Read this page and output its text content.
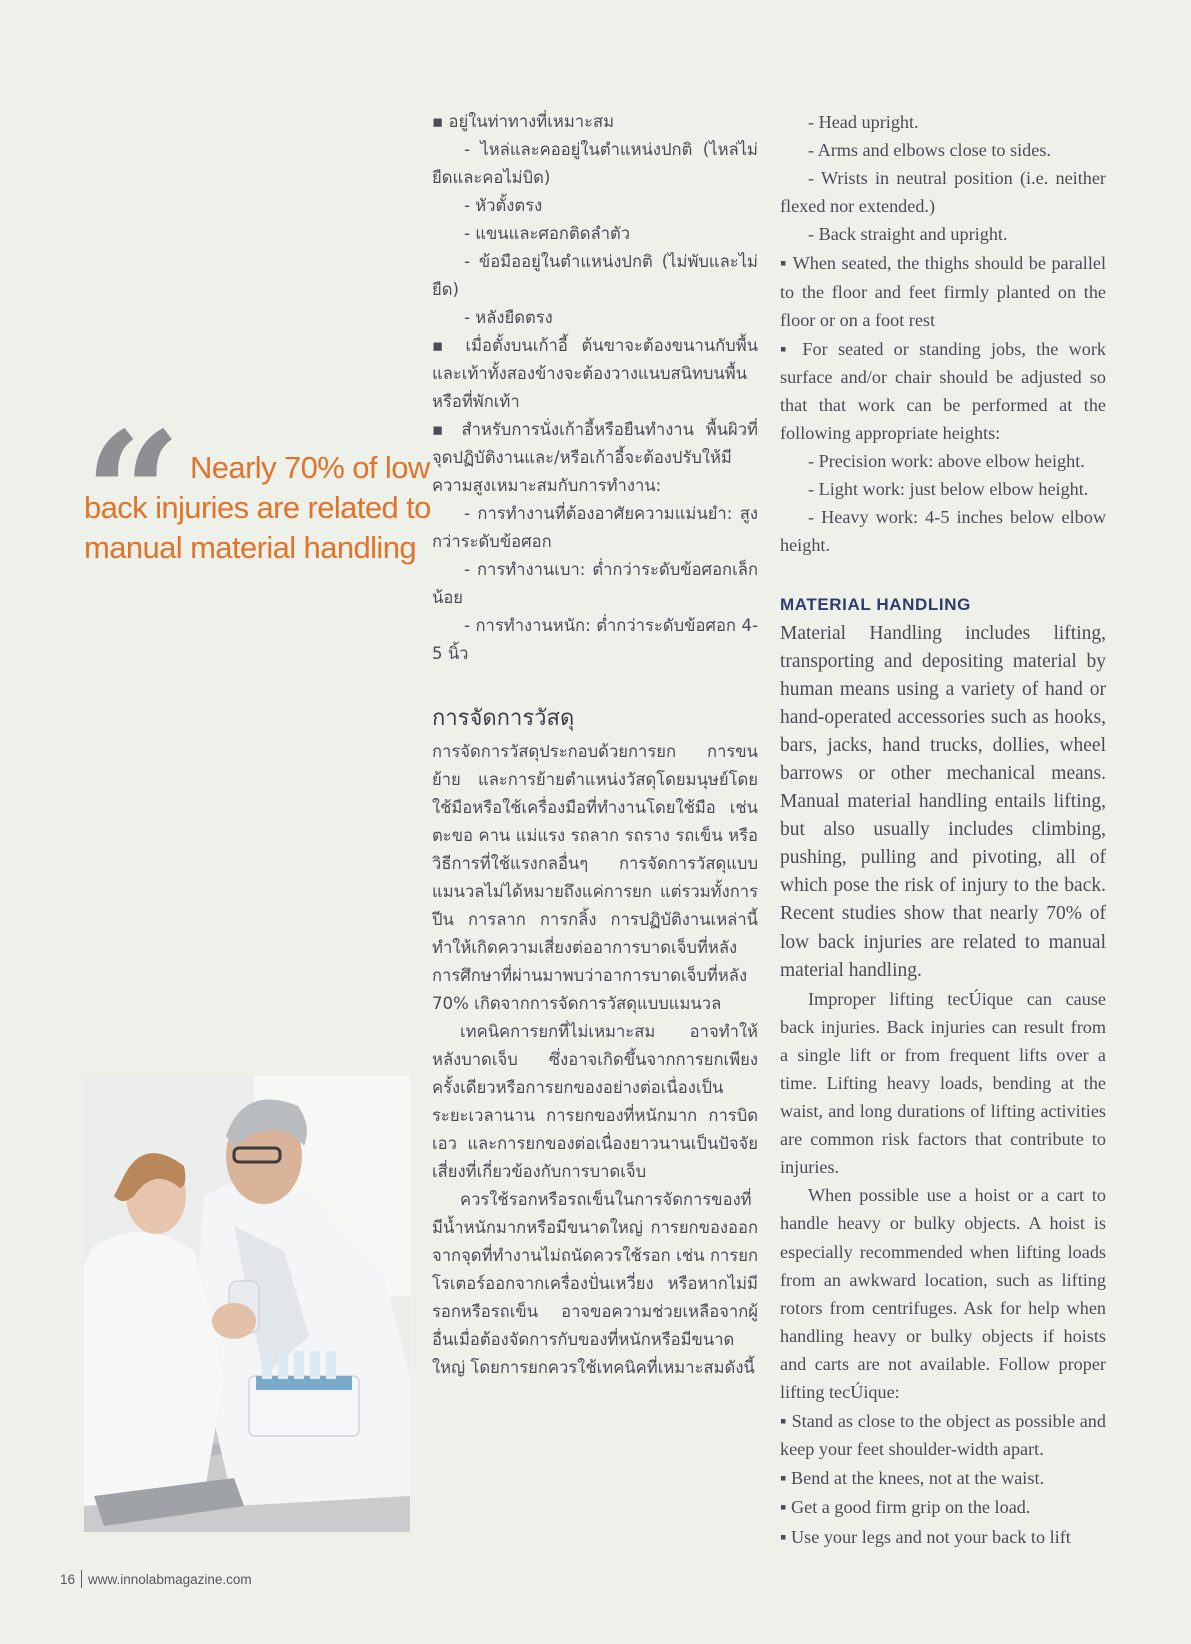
“ Nearly 70% of low
back injuries are related to
manual material handling

▪ อยู่ในท่าทางที่เหมาะสม

- ไหล่และคออยู่ในตำแหน่งปกติ (ไหล่ไม่ยืดและคอไม่บิด)

- หัวตั้งตรง

- แขนและศอกติดลำตัว

- ข้อมืออยู่ในตำแหน่งปกติ (ไม่พับและไม่ยืด)

- หลังยืดตรง

▪ เมื่อตั้งบนเก้าอี้ ต้นขาจะต้องขนานกับพื้นและเท้าทั้งสองข้างจะต้องวางแนบสนิทบนพื้นหรือที่พักเท้า

▪ สำหรับการนั่งเก้าอี้หรือยืนทำงาน พื้นผิวที่จุดปฏิบัติงานและ/หรือเก้าอี้จะต้องปรับให้มีความสูงเหมาะสมกับการทำงาน:

- การทำงานที่ต้องอาศัยความแม่นยำ: สูงกว่าระดับข้อศอก

- การทำงานเบา: ต่ำกว่าระดับข้อศอกเล็กน้อย

- การทำงานหนัก: ต่ำกว่าระดับข้อศอก 4-5 นิ้ว

การจัดการวัสดุ

การจัดการวัสดุประกอบด้วยการยก การขนย้าย และการย้ายตำแหน่งวัสดุโดยมนุษย์โดยใช้มือหรือใช้เครื่องมือที่ทำงานโดยใช้มือ เช่น ตะขอ คาน แม่แรง รถลาก รถราง รถเข็น หรือวิธีการที่ใช้แรงกลอื่นๆ การจัดการวัสดุแบบแมนวลไม่ได้หมายถึงแค่การยก แต่รวมทั้งการปีน การลาก การกลิ้ง การปฏิบัติงานเหล่านี้ทำให้เกิดความเสี่ยงต่ออาการบาดเจ็บที่หลัง การศึกษาที่ผ่านมาพบว่าอาการบาดเจ็บที่หลัง 70% เกิดจากการจัดการวัสดุแบบแมนวล

เทคนิคการยกที่ไม่เหมาะสม อาจทำให้หลังบาดเจ็บ ซึ่งอาจเกิดขึ้นจากการยกเพียงครั้งเดียวหรือการยกของอย่างต่อเนื่องเป็นระยะเวลานาน การยกของที่หนักมาก การบิดเอว และการยกของต่อเนื่องยาวนานเป็นปัจจัยเสี่ยงที่เกี่ยวข้องกับการบาดเจ็บ

ควรใช้รอกหรือรถเข็นในการจัดการของที่มีน้ำหนักมากหรือมีขนาดใหญ่ การยกของออกจากจุดที่ทำงานไม่ถนัดควรใช้รอก เช่น การยกโรเตอร์ออกจากเครื่องปั่นเหวี่ยง หรือหากไม่มีรอกหรือรถเข็น อาจขอความช่วยเหลือจากผู้อื่นเมื่อต้องจัดการกับของที่หนักหรือมีขนาดใหญ่ โดยการยกควรใช้เทคนิคที่เหมาะสมดังนี้

- Head upright.

- Arms and elbows close to sides.

- Wrists in neutral position (i.e. neither flexed nor extended.)

- Back straight and upright.

▪ When seated, the thighs should be parallel to the floor and feet firmly planted on the floor or on a foot rest

▪ For seated or standing jobs, the work surface and/or chair should be adjusted so that that work can be performed at the following appropriate heights:

- Precision work: above elbow height.

- Light work: just below elbow height.

- Heavy work: 4-5 inches below elbow height.

MATERIAL HANDLING

Material Handling includes lifting, transporting and depositing material by human means using a variety of hand or hand-operated accessories such as hooks, bars, jacks, hand trucks, dollies, wheel barrows or other mechanical means. Manual material handling entails lifting, but also usually includes climbing, pushing, pulling and pivoting, all of which pose the risk of injury to the back. Recent studies show that nearly 70% of low back injuries are related to manual material handling.

Improper lifting tecÚique can cause back injuries. Back injuries can result from a single lift or from frequent lifts over a time. Lifting heavy loads, bending at the waist, and long durations of lifting activities are common risk factors that contribute to injuries.

When possible use a hoist or a cart to handle heavy or bulky objects. A hoist is especially recommended when lifting loads from an awkward location, such as lifting rotors from centrifuges. Ask for help when handling heavy or bulky objects if hoists and carts are not available. Follow proper lifting tecÚique:

▪ Stand as close to the object as possible and keep your feet shoulder-width apart.

▪ Bend at the knees, not at the waist.

▪ Get a good firm grip on the load.

▪ Use your legs and not your back to lift

16 www.innolabmagazine.com
